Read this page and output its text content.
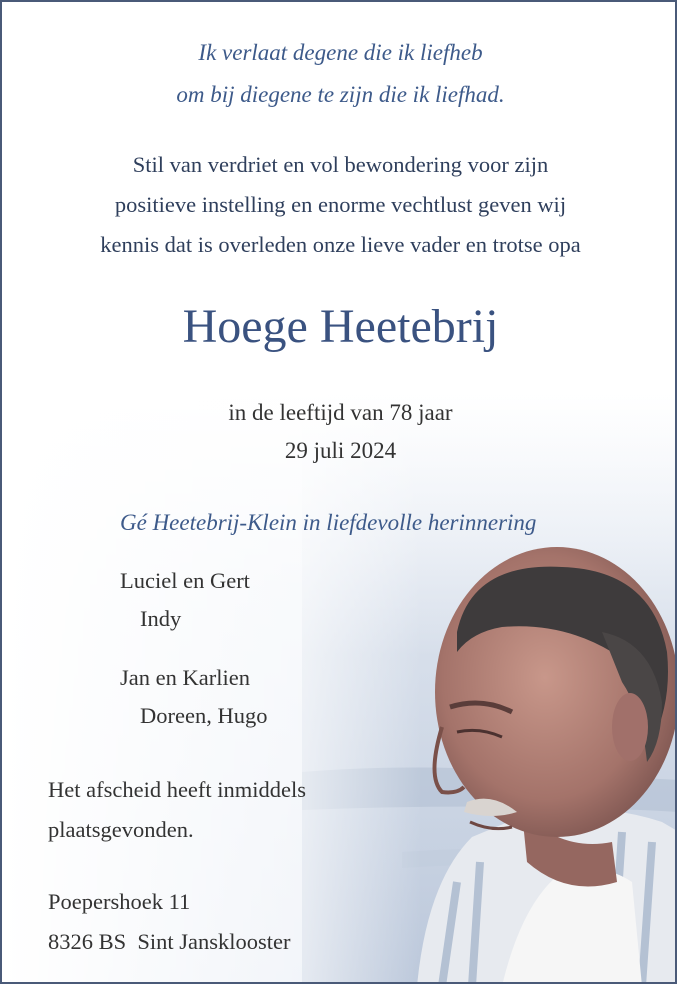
Ik verlaat degene die ik liefheb
om bij diegene te zijn die ik liefhad.
Stil van verdriet en vol bewondering voor zijn
positieve instelling en enorme vechtlust geven wij
kennis dat is overleden onze lieve vader en trotse opa
Hoege Heetebrij
in de leeftijd van 78 jaar
29 juli 2024
Gé Heetebrij-Klein in liefdevolle herinnering
Luciel en Gert
Indy
Jan en Karlien
Doreen, Hugo
Het afscheid heeft inmiddels
plaatsgevonden.
Poepershoek 11
8326 BS  Sint Jansklooster
